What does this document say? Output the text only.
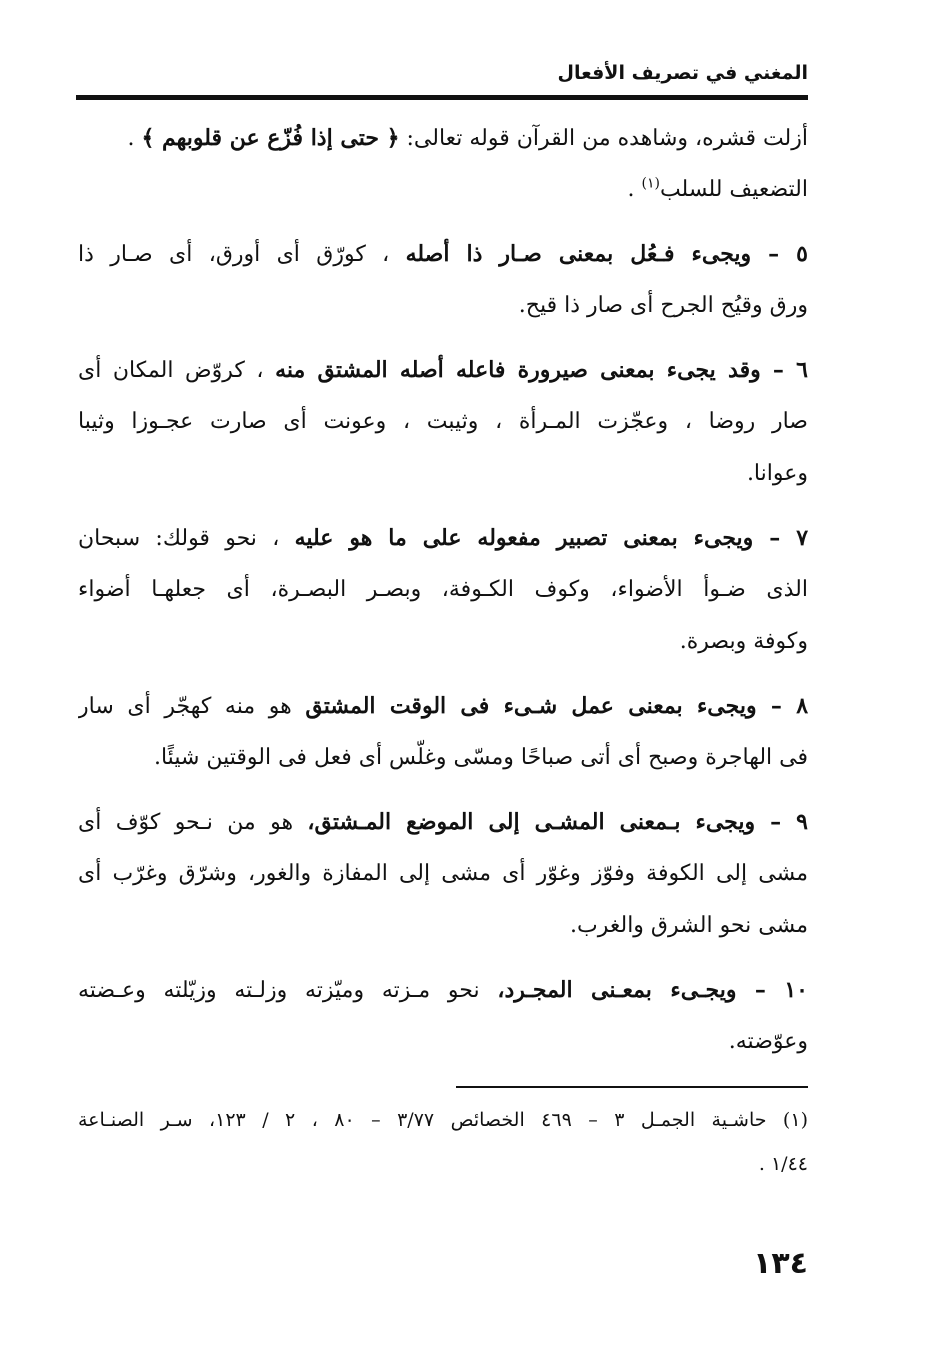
المغني في تصريف الأفعال
أزلت قشره، وشاهده من القرآن قوله تعالى: ﴿ حتى إذا فُزّع عن قلوبهم ﴾ .
التضعيف للسلب$^{(١)}$ .
٥ – ويجىء فـعُل بمعنى صـار ذا أصله ، كورّق أى أورق، أى صـار ذا
ورق وقيُح الجرح أى صار ذا قيح.
٦ – وقد يجىء بمعنى صيرورة فاعله أصله المشتق منه ، كروّض المكان أى
صار روضا ، وعجّزت المـرأة ، وثيبت ، وعونت أى صارت عجـوزا وثيبا
وعوانا.
٧ – ويجىء بمعنى تصبير مفعوله على ما هو عليه ، نحو قولك: سبحان
الذى ضـوأ الأضواء، وكوف الكـوفة، وبصـر البصـرة، أى جعلهـا أضواء
وكوفة وبصرة.
٨ – ويجىء بمعنى عمل شـىء فى الوقت المشتق هو منه كهجّر أى سار
فى الهاجرة وصبح أى أتى صباحًا ومسّى وغلّس أى فعل فى الوقتين شيئًا.
٩ – ويجىء بـمعنى المشـى إلى الموضع المـشتق، هو من نـحو كوّف أى
مشى إلى الكوفة وفوّز وغوّر أى مشى إلى المفازة والغور، وشرّق وغرّب أى
مشى نحو الشرق والغرب.
١٠ – ويجـىء بمعـنى المجـرد، نحو مـزته وميّزته وزلـته وزيّلته وعـضته
وعوّضته.
(١) حاشـية الجمـل ٣ – ٤٦٩ الخصائص ٣/٧٧ – ٨٠ ، ٢ / ١٢٣، سـر الصنـاعة
١/٤٤ .
١٣٤
